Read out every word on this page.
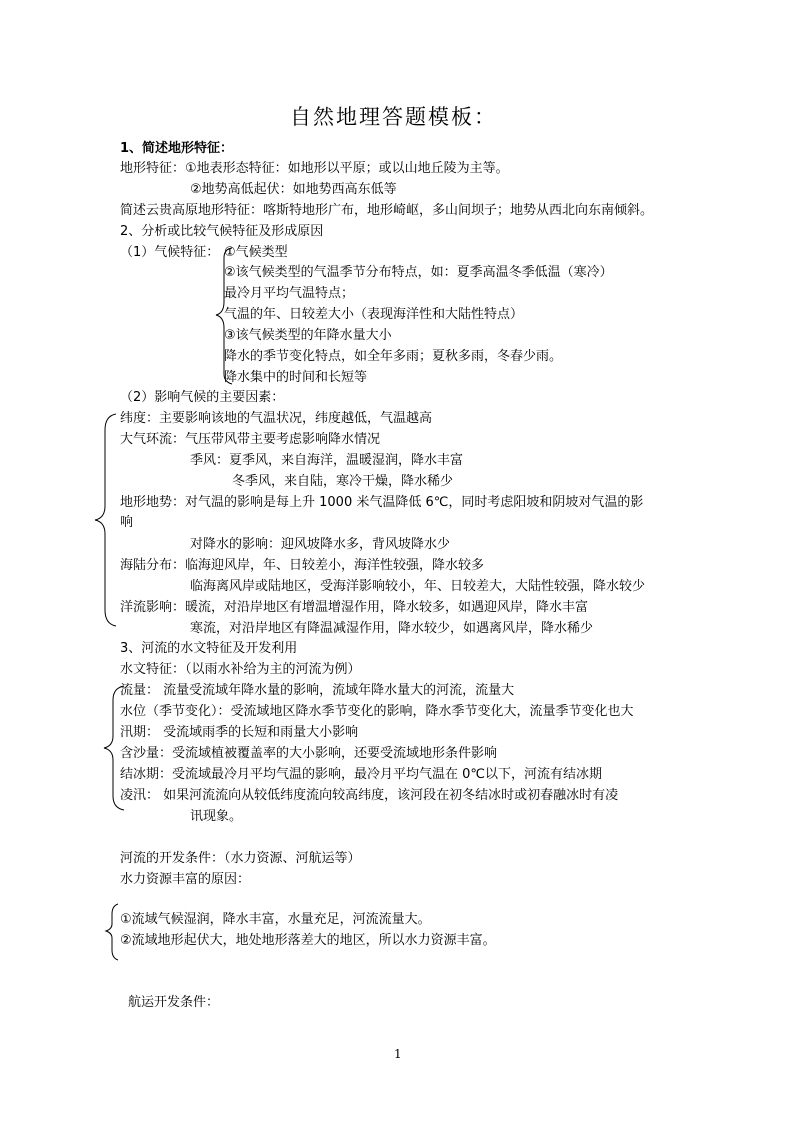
自然地理答题模板：
1、简述地形特征：
地形特征：①地表形态特征：如地形以平原；或以山地丘陵为主等。
②地势高低起伏：如地势西高东低等
简述云贵高原地形特征：喀斯特地形广布，地形崎岖，多山间坝子；地势从西北向东南倾斜。
2、分析或比较气候特征及形成原因
（1）气候特征： ①气候类型
②该气候类型的气温季节分布特点，如：夏季高温冬季低温（寒冷）
最冷月平均气温特点；
气温的年、日较差大小（表现海洋性和大陆性特点）
③该气候类型的年降水量大小
降水的季节变化特点，如全年多雨；夏秋多雨，冬春少雨。
降水集中的时间和长短等
（2）影响气候的主要因素：
纬度：主要影响该地的气温状况，纬度越低，气温越高
大气环流：气压带风带主要考虑影响降水情况
季风：夏季风，来自海洋，温暖湿润，降水丰富
冬季风，来自陆，寒冷干燥，降水稀少
地形地势：对气温的影响是每上升 1000 米气温降低 6℃，同时考虑阳坡和阴坡对气温的影
响
对降水的影响：迎风坡降水多，背风坡降水少
海陆分布：临海迎风岸，年、日较差小，海洋性较强，降水较多
临海离风岸或陆地区，受海洋影响较小，年、日较差大，大陆性较强，降水较少
洋流影响：暖流，对沿岸地区有增温增湿作用，降水较多，如遇迎风岸，降水丰富
寒流，对沿岸地区有降温减湿作用，降水较少，如遇离风岸，降水稀少
3、河流的水文特征及开发利用
水文特征：（以雨水补给为主的河流为例）
流量： 流量受流域年降水量的影响，流域年降水量大的河流，流量大
水位（季节变化）：受流域地区降水季节变化的影响，降水季节变化大，流量季节变化也大
汛期： 受流域雨季的长短和雨量大小影响
含沙量：受流域植被覆盖率的大小影响，还要受流域地形条件影响
结冰期：受流域最冷月平均气温的影响，最冷月平均气温在 0℃以下，河流有结冰期
凌汛： 如果河流流向从较低纬度流向较高纬度，该河段在初冬结冰时或初春融冰时有凌
讯现象。
河流的开发条件：（水力资源、河航运等）
水力资源丰富的原因：
①流域气候湿润，降水丰富，水量充足，河流流量大。
②流域地形起伏大，地处地形落差大的地区，所以水力资源丰富。
航运开发条件：
1
